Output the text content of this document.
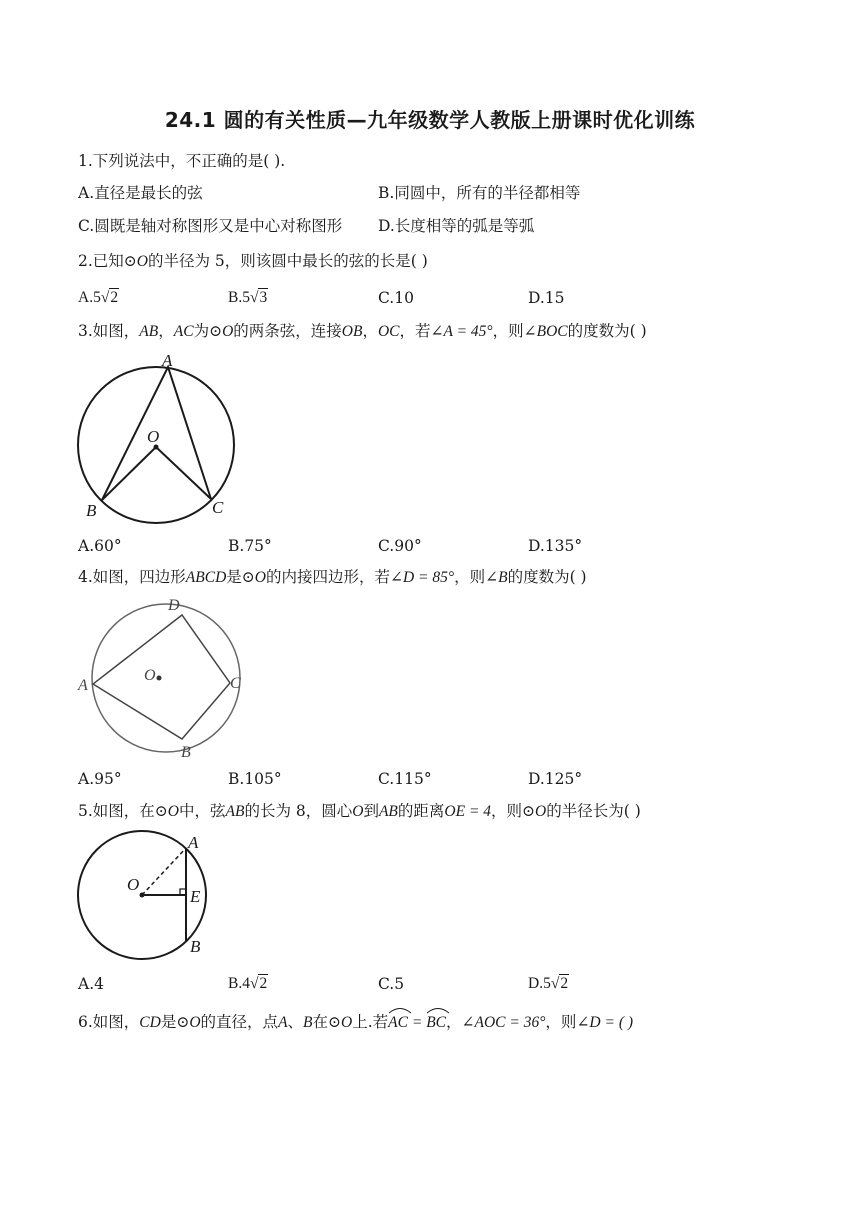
24.1 圆的有关性质—九年级数学人教版上册课时优化训练
1.下列说法中，不正确的是( ).
A.直径是最长的弦	B.同圆中，所有的半径都相等
C.圆既是轴对称图形又是中心对称图形 D.长度相等的弧是等弧
2.已知⊙O的半径为 5，则该圆中最长的弦的长是( )
A.5√2	B.5√3	C.10	D.15
3.如图，AB，AC为⊙O的两条弦，连接OB，OC，若∠A = 45°，则∠BOC的度数为( )
A
O
B	C
A.60°	B.75°	C.90°	D.135°
4.如图，四边形ABCD是⊙O的内接四边形，若∠D = 85°，则∠B的度数为( )
D
A
O	C
B
A.95°	B.105°	C.115°	D.125°
5.如图，在⊙O中，弦AB的长为 8，圆心O到AB的距离OE = 4，则⊙O的半径长为( )
A
O
E
B
A.4	B.4√2	C.5	D.5√2
6.如图，CD是⊙O的直径，点A、B在⊙O上.若
AC =
BC，∠AOC = 36°，则∠D = ( )
